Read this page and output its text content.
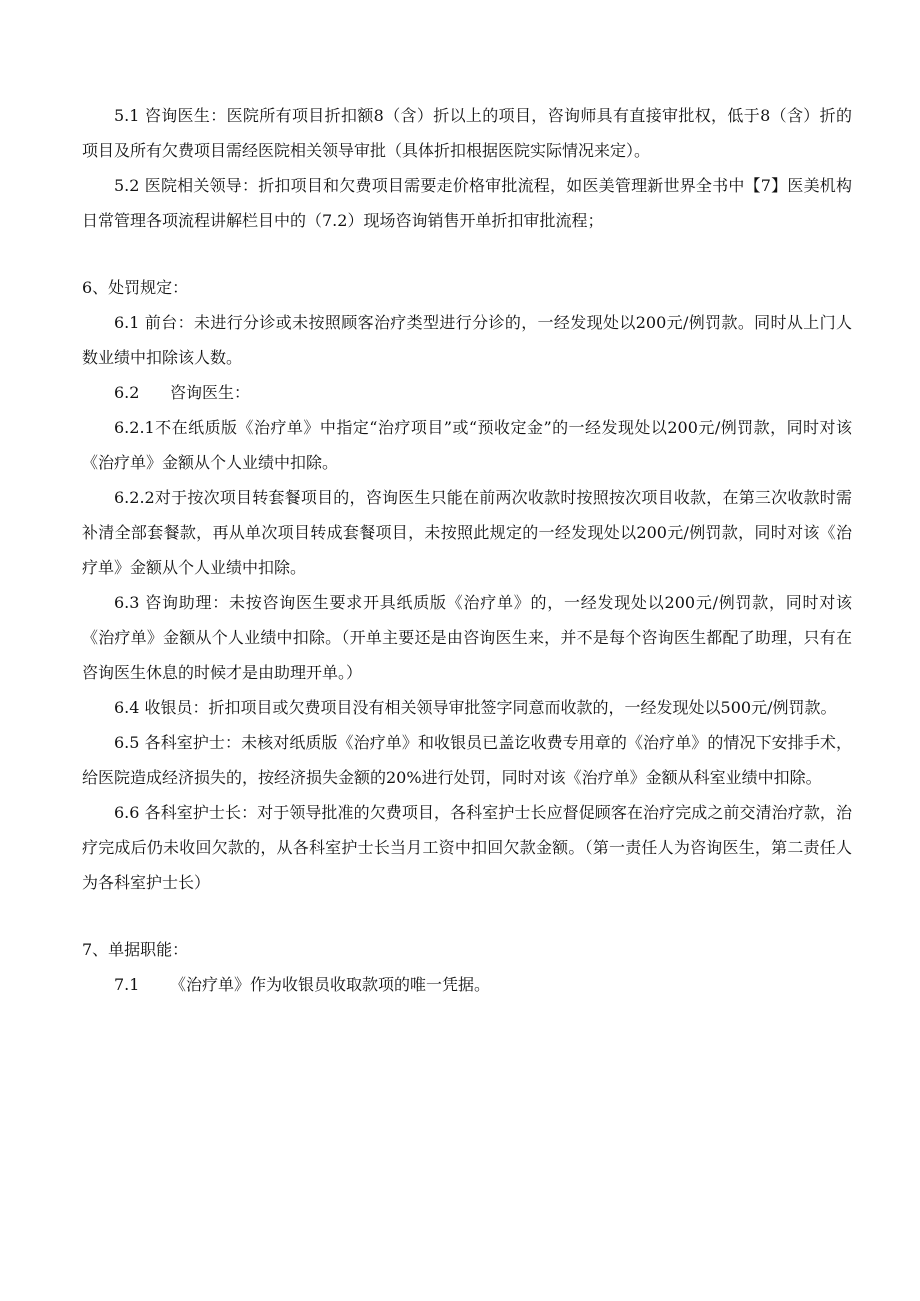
5.1 咨询医生：医院所有项目折扣额8（含）折以上的项目，咨询师具有直接审批权，低于8（含）折的项目及所有欠费项目需经医院相关领导审批（具体折扣根据医院实际情况来定）。

5.2 医院相关领导：折扣项目和欠费项目需要走价格审批流程，如医美管理新世界全书中【7】医美机构日常管理各项流程讲解栏目中的（7.2）现场咨询销售开单折扣审批流程；

6、处罚规定：

6.1 前台：未进行分诊或未按照顾客治疗类型进行分诊的，一经发现处以200元/例罚款。同时从上门人数业绩中扣除该人数。

6.2      咨询医生：

6.2.1不在纸质版《治疗单》中指定“治疗项目”或“预收定金”的一经发现处以200元/例罚款，同时对该《治疗单》金额从个人业绩中扣除。

6.2.2对于按次项目转套餐项目的，咨询医生只能在前两次收款时按照按次项目收款，在第三次收款时需补清全部套餐款，再从单次项目转成套餐项目，未按照此规定的一经发现处以200元/例罚款，同时对该《治疗单》金额从个人业绩中扣除。

6.3 咨询助理：未按咨询医生要求开具纸质版《治疗单》的，一经发现处以200元/例罚款，同时对该《治疗单》金额从个人业绩中扣除。（开单主要还是由咨询医生来，并不是每个咨询医生都配了助理，只有在咨询医生休息的时候才是由助理开单。）

6.4 收银员：折扣项目或欠费项目没有相关领导审批签字同意而收款的，一经发现处以500元/例罚款。

6.5 各科室护士：未核对纸质版《治疗单》和收银员已盖讫收费专用章的《治疗单》的情况下安排手术，给医院造成经济损失的，按经济损失金额的20%进行处罚，同时对该《治疗单》金额从科室业绩中扣除。

6.6 各科室护士长：对于领导批准的欠费项目，各科室护士长应督促顾客在治疗完成之前交清治疗款，治疗完成后仍未收回欠款的，从各科室护士长当月工资中扣回欠款金额。（第一责任人为咨询医生，第二责任人为各科室护士长）

7、单据职能：

7.1      《治疗单》作为收银员收取款项的唯一凭据。
